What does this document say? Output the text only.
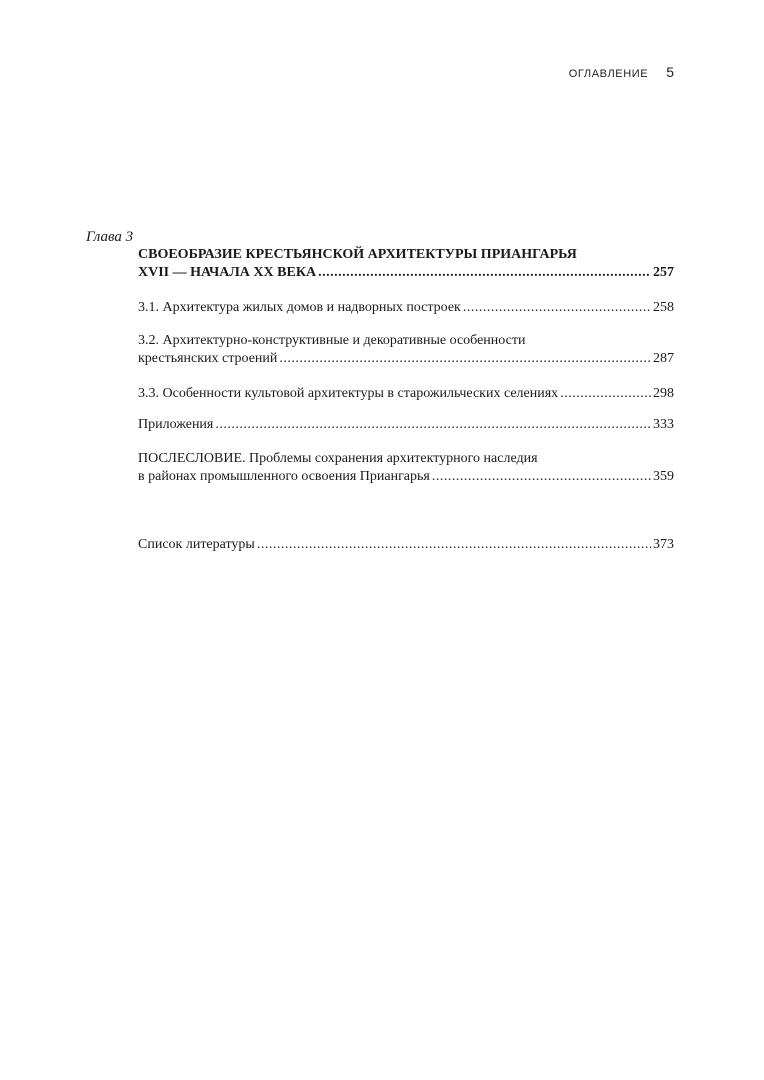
ОГЛАВЛЕНИЕ 5
Глава 3
СВОЕОБРАЗИЕ КРЕСТЬЯНСКОЙ АРХИТЕКТУРЫ ПРИАНГАРЬЯ
XVII — НАЧАЛА XX ВЕКА .....	257
3.1. Архитектура жилых домов и надворных построек .....	258
3.2. Архитектурно-конструктивные и декоративные особенности
крестьянских строений .....	287
3.3. Особенности культовой архитектуры в старожильческих селениях .....	298
Приложения .....	333
ПОСЛЕСЛОВИЕ. Проблемы сохранения архитектурного наследия
в районах промышленного освоения Приангарья .....	359
Список литературы .....	373
